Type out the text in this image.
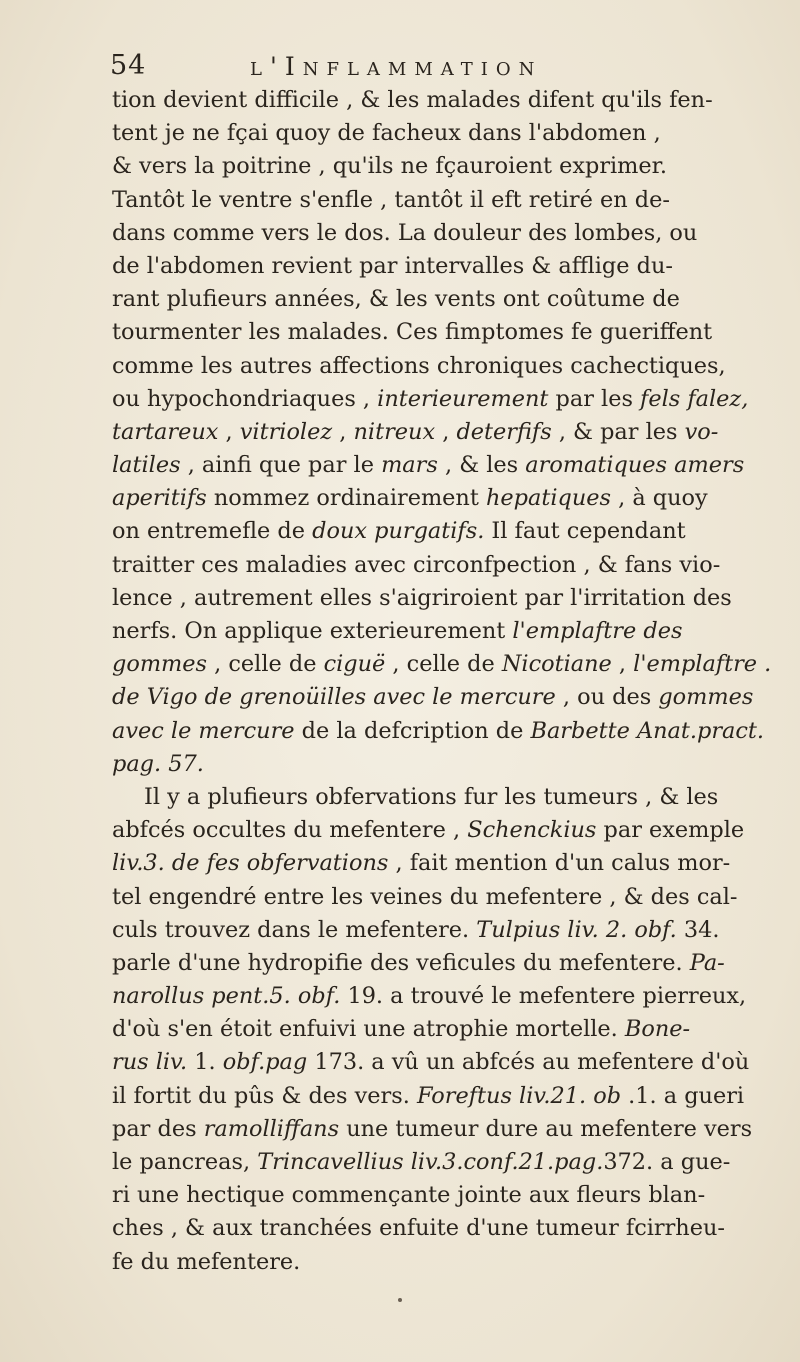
54	l'Inflammation
tion devient difficile , & les malades difent qu'ils fen-
tent je ne fçai quoy de facheux dans l'abdomen ,
& vers la poitrine , qu'ils ne fçauroient exprimer.
Tantôt le ventre s'enfle , tantôt il eft retiré en de-
dans comme vers le dos. La douleur des lombes, ou
de l'abdomen revient par intervalles & afflige du-
rant plufieurs années, & les vents ont coûtume de
tourmenter les malades. Ces fimptomes fe gueriffent
comme les autres affections chroniques cachectiques,
ou hypochondriaques , interieurement par les fels falez,
tartareux , vitriolez , nitreux , deterfifs , & par les vo-
latiles , ainfi que par le mars , & les aromatiques amers
aperitifs nommez ordinairement hepatiques , à quoy
on entremefle de doux purgatifs. Il faut cependant
traitter ces maladies avec circonfpection , & fans vio-
lence , autrement elles s'aigriroient par l'irritation des
nerfs. On applique exterieurement l'emplaftre des
gommes , celle de ciguë , celle de Nicotiane , l'emplaftre .
de Vigo de grenoüilles avec le mercure , ou des gommes
avec le mercure de la defcription de Barbette Anat.pract.
pag. 57.
Il y a plufieurs obfervations fur les tumeurs , & les
abfcés occultes du mefentere , Schenckius par exemple
liv.3. de fes obfervations , fait mention d'un calus mor-
tel engendré entre les veines du mefentere , & des cal-
culs trouvez dans le mefentere. Tulpius liv. 2. obf. 34.
parle d'une hydropifie des veficules du mefentere. Pa-
narollus pent.5. obf. 19. a trouvé le mefentere pierreux,
d'où s'en étoit enfuivi une atrophie mortelle. Bone-
rus liv. 1. obf.pag 173. a vû un abfcés au mefentere d'où
il fortit du pûs & des vers. Foreftus liv.21. ob .1. a gueri
par des ramolliffans une tumeur dure au mefentere vers
le pancreas, Trincavellius liv.3.conf.21.pag.372. a gue-
ri une hectique commençante jointe aux fleurs blan-
ches , & aux tranchées enfuite d'une tumeur fcirrheu-
fe du mefentere.
